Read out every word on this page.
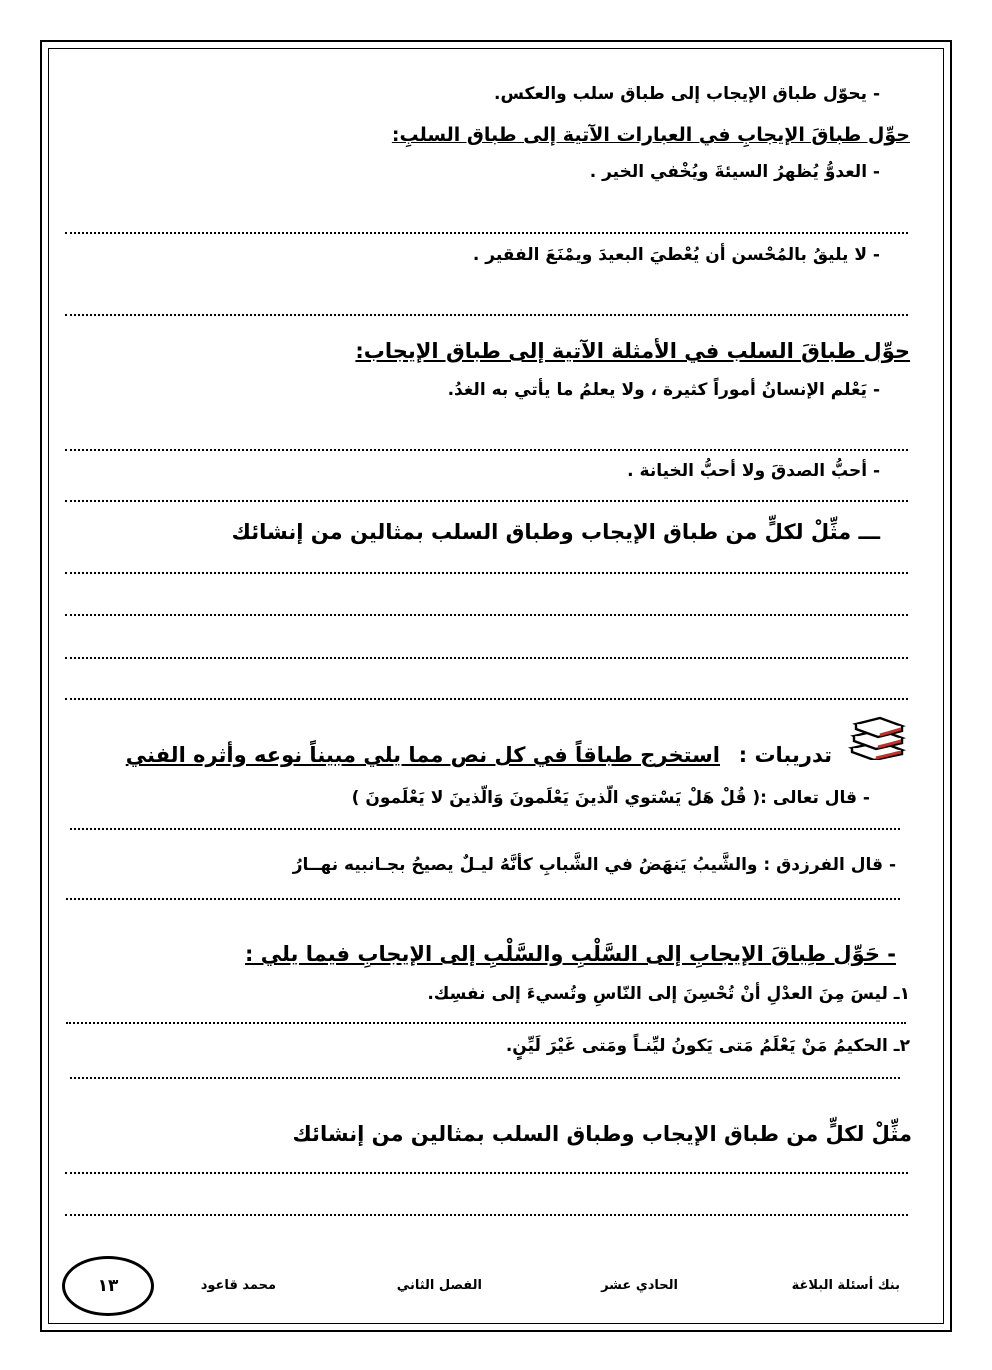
- يحوّل طباق الإيجاب إلى طباق سلب والعكس.
حوِّل طباقَ الإيجابِ في العبارات الآتية إلى طباق السلبِ:
- العدوُّ يُظهرُ السيئةَ ويُخْفي الخير .
- لا يليقُ بالمُحْسن أن يُعْطيَ البعيدَ ويمْنَعَ الفقير .
حوِّل طباقَ السلب في الأمثلة الآتية إلى طباق الإيجاب:
- يَعْلم الإنسانُ أموراً كثيرة ، ولا يعلمُ ما يأتي به الغدُ.
- أحبُّ الصدقَ ولا أحبُّ الخيانة .
ـــ مثِّلْ لكلٍّ من طباق الإيجاب وطباق السلب بمثالين من إنشائك
تدريبات :
استخرج طباقاً في كل نص مما يلي مبيناً نوعه وأثره الفني
- قال تعالى :( قُلْ هَلْ يَسْتوي الّذينَ يَعْلَمونَ وَالّذينَ لا يَعْلَمونَ )
- قال الفرزدق : والشَّيبُ يَنهَضُ في الشَّبابِ كأنَّهُ ليـلٌ يصيحُ بجـانبيه نهــارُ
- حَوِّل طِباقَ الإيجابِ إلى السَّلْبِ والسَّلْبِ إلى الإيجابِ فيما يلي :
١ـ ليسَ مِنَ العدْلِ أنْ تُحْسِنَ إلى النّاسِ وتُسيءَ إلى نفسِك.
٢ـ الحكيمُ مَنْ يَعْلَمُ مَتى يَكونُ ليِّنـاً ومَتى غَيْرَ لَيِّنٍ.
مثِّلْ لكلٍّ من طباق الإيجاب وطباق السلب بمثالين من إنشائك
بنك أسئلة البلاغة
الحادي عشر
الفصل الثاني
محمد قاعود
١٣
